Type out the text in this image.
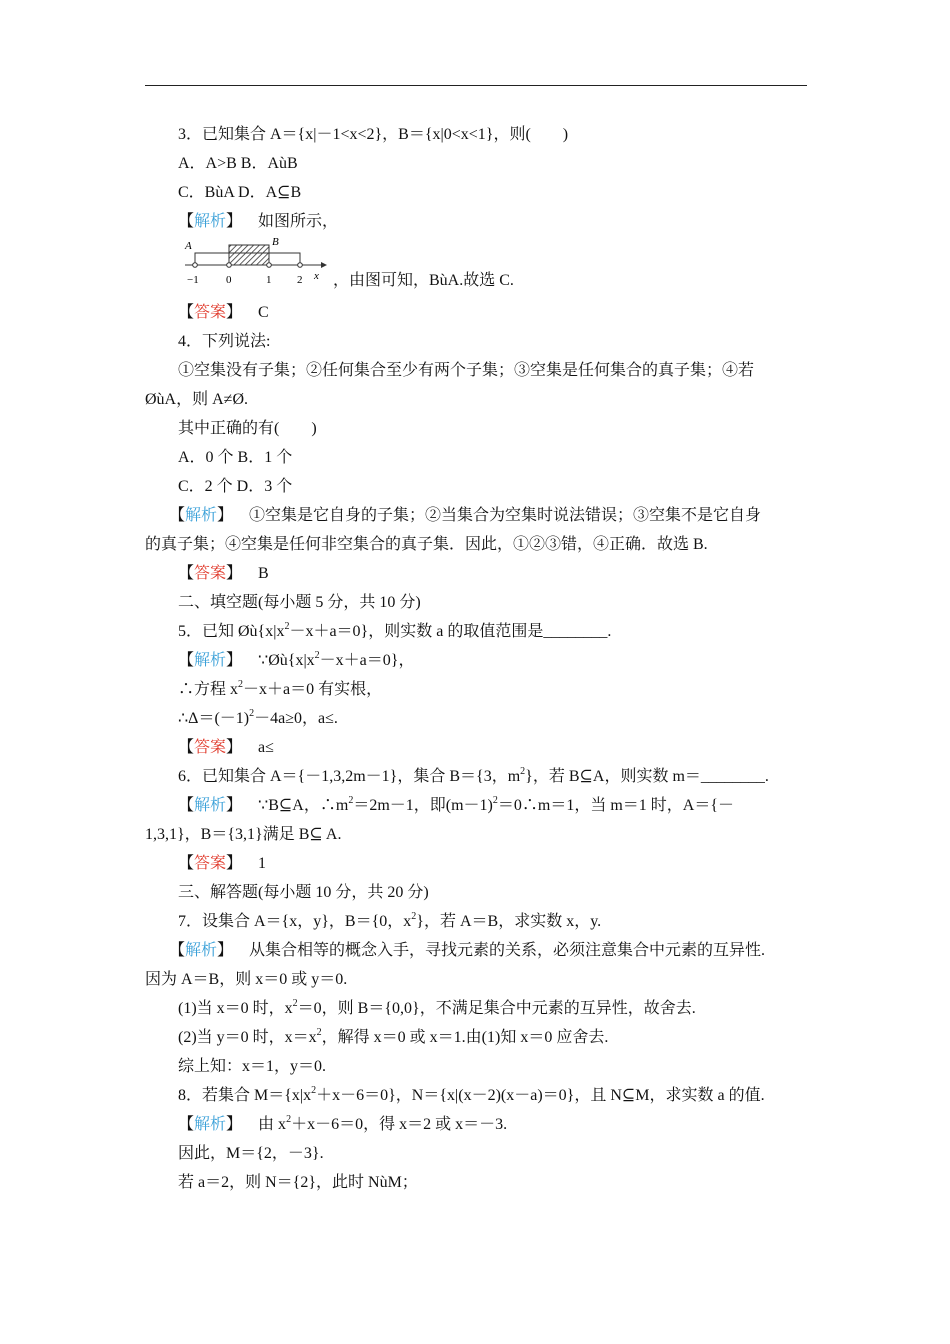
3．已知集合 A＝{x|－1<x<2}，B＝{x|0<x<1}，则(　　)
A．A>B B．AùB
C．BùA D．A⊆B
【解析】 如图所示，
A	B
−1 0	1 2 x ，由图可知，BùA.故选 C.
【答案】 C
4．下列说法:
①空集没有子集；②任何集合至少有两个子集；③空集是任何集合的真子集；④若
ØùA，则 A≠Ø.
其中正确的有(　　)
A．0 个 B．1 个
C．2 个 D．3 个
【解析】 ①空集是它自身的子集；②当集合为空集时说法错误；③空集不是它自身
的真子集；④空集是任何非空集合的真子集．因此，①②③错，④正确．故选 B.
【答案】 B
二、填空题(每小题 5 分，共 10 分)
5．已知 $Øù\{x|x^2-x+a=0\}$，则实数 a 的取值范围是________.
【解析】 $\because Øù\{x|x^2-x+a=0\}$，
∴方程 $x^2-x+a=0$ 有实根，
$\therefore\Delta=(-1)^2-4a\ge 0$，a≤.
【答案】 a≤
6．已知集合 A＝{－1,3,2m－1}，集合 B＝{3，$m^2$}，若 B⊆A，则实数 m＝________.
【解析】 ∵B⊆A，$\therefore m^2=2m-1$，即$(m-1)^2=0\therefore m=1$，当 m＝1 时，A＝{－
1,3,1}，B＝{3,1}满足 B⊆ A.
【答案】 1
三、解答题(每小题 10 分，共 20 分)
7．设集合 A＝{x，y}，B＝{0，$x^2$}，若 A＝B，求实数 x，y.
【解析】 从集合相等的概念入手，寻找元素的关系，必须注意集合中元素的互异性.
因为 A＝B，则 x＝0 或 y＝0.
(1)当 x＝0 时，$x^2=0$，则 B＝{0,0}，不满足集合中元素的互异性，故舍去.
(2)当 y＝0 时，$x=x^2$，解得 x＝0 或 x＝1.由(1)知 x＝0 应舍去.
综上知：x＝1，y＝0.
8．若集合 $M=\{x|x^2+x-6=0\}$，N＝{x|(x－2)(x－a)＝0}，且 N⊆M，求实数 a 的值.
【解析】 由 $x^2+x-6=0$，得 x＝2 或 x＝－3.
因此，M＝{2，－3}.
若 a＝2，则 N＝{2}，此时 NùM；
